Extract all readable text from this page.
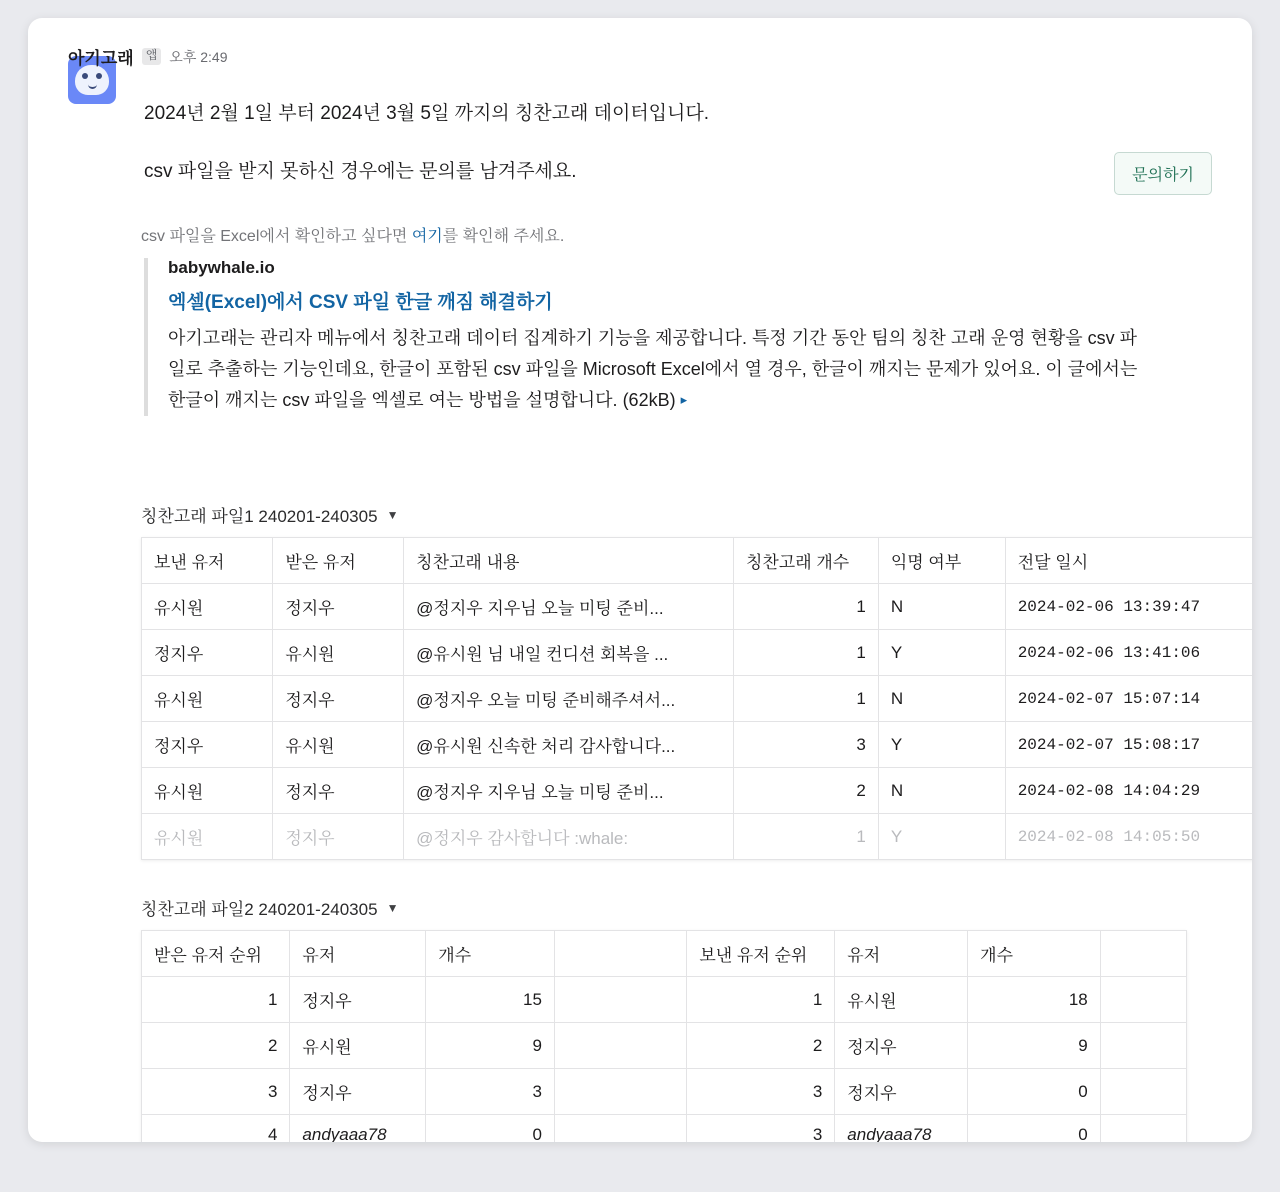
아기고래	앱 오후 2:49
2024년 2월 1일 부터 2024년 3월 5일 까지의 칭찬고래 데이터입니다.
csv 파일을 받지 못하신 경우에는 문의를 남겨주세요.	문의하기
csv 파일을 Excel에서 확인하고 싶다면 여기를 확인해 주세요.
babywhale.io
엑셀(Excel)에서 CSV 파일 한글 깨짐 해결하기
아기고래는 관리자 메뉴에서 칭찬고래 데이터 집계하기 기능을 제공합니다. 특정 기간 동안 팀의 칭찬 고래 운영 현황을 csv 파일로 추출하는 기능인데요, 한글이 포함된 csv 파일을 Microsoft Excel에서 열 경우, 한글이 깨지는 문제가 있어요. 이 글에서는 한글이 깨지는 csv 파일을 엑셀로 여는 방법을 설명합니다. (62kB) ▸
칭찬고래 파일1 240201-240305 ▼
보낸 유저	받은 유저	칭찬고래 내용	칭찬고래 개수	익명 여부	전달 일시
유시원	정지우	@정지우 지우님 오늘 미팅 준비...	1	N	2024-02-06 13:39:47
정지우	유시원	@유시원 님 내일 컨디션 회복을 ...	1	Y	2024-02-06 13:41:06
유시원	정지우	@정지우 오늘 미팅 준비해주셔서...	1	N	2024-02-07 15:07:14
정지우	유시원	@유시원 신속한 처리 감사합니다...	3	Y	2024-02-07 15:08:17
유시원	정지우	@정지우 지우님 오늘 미팅 준비...	2	N	2024-02-08 14:04:29
유시원	정지우	@정지우 감사합니다 :whale:	1	Y	2024-02-08 14:05:50
칭찬고래 파일2 240201-240305 ▼
받은 유저 순위	유저	개수		보낸 유저 순위	유저	개수	
1	정지우	15		1	유시원	18	
2	유시원	9		2	정지우	9	
3	정지우	3		3	정지우	0	
4	andyaaa78	0		3	andyaaa78	0	
